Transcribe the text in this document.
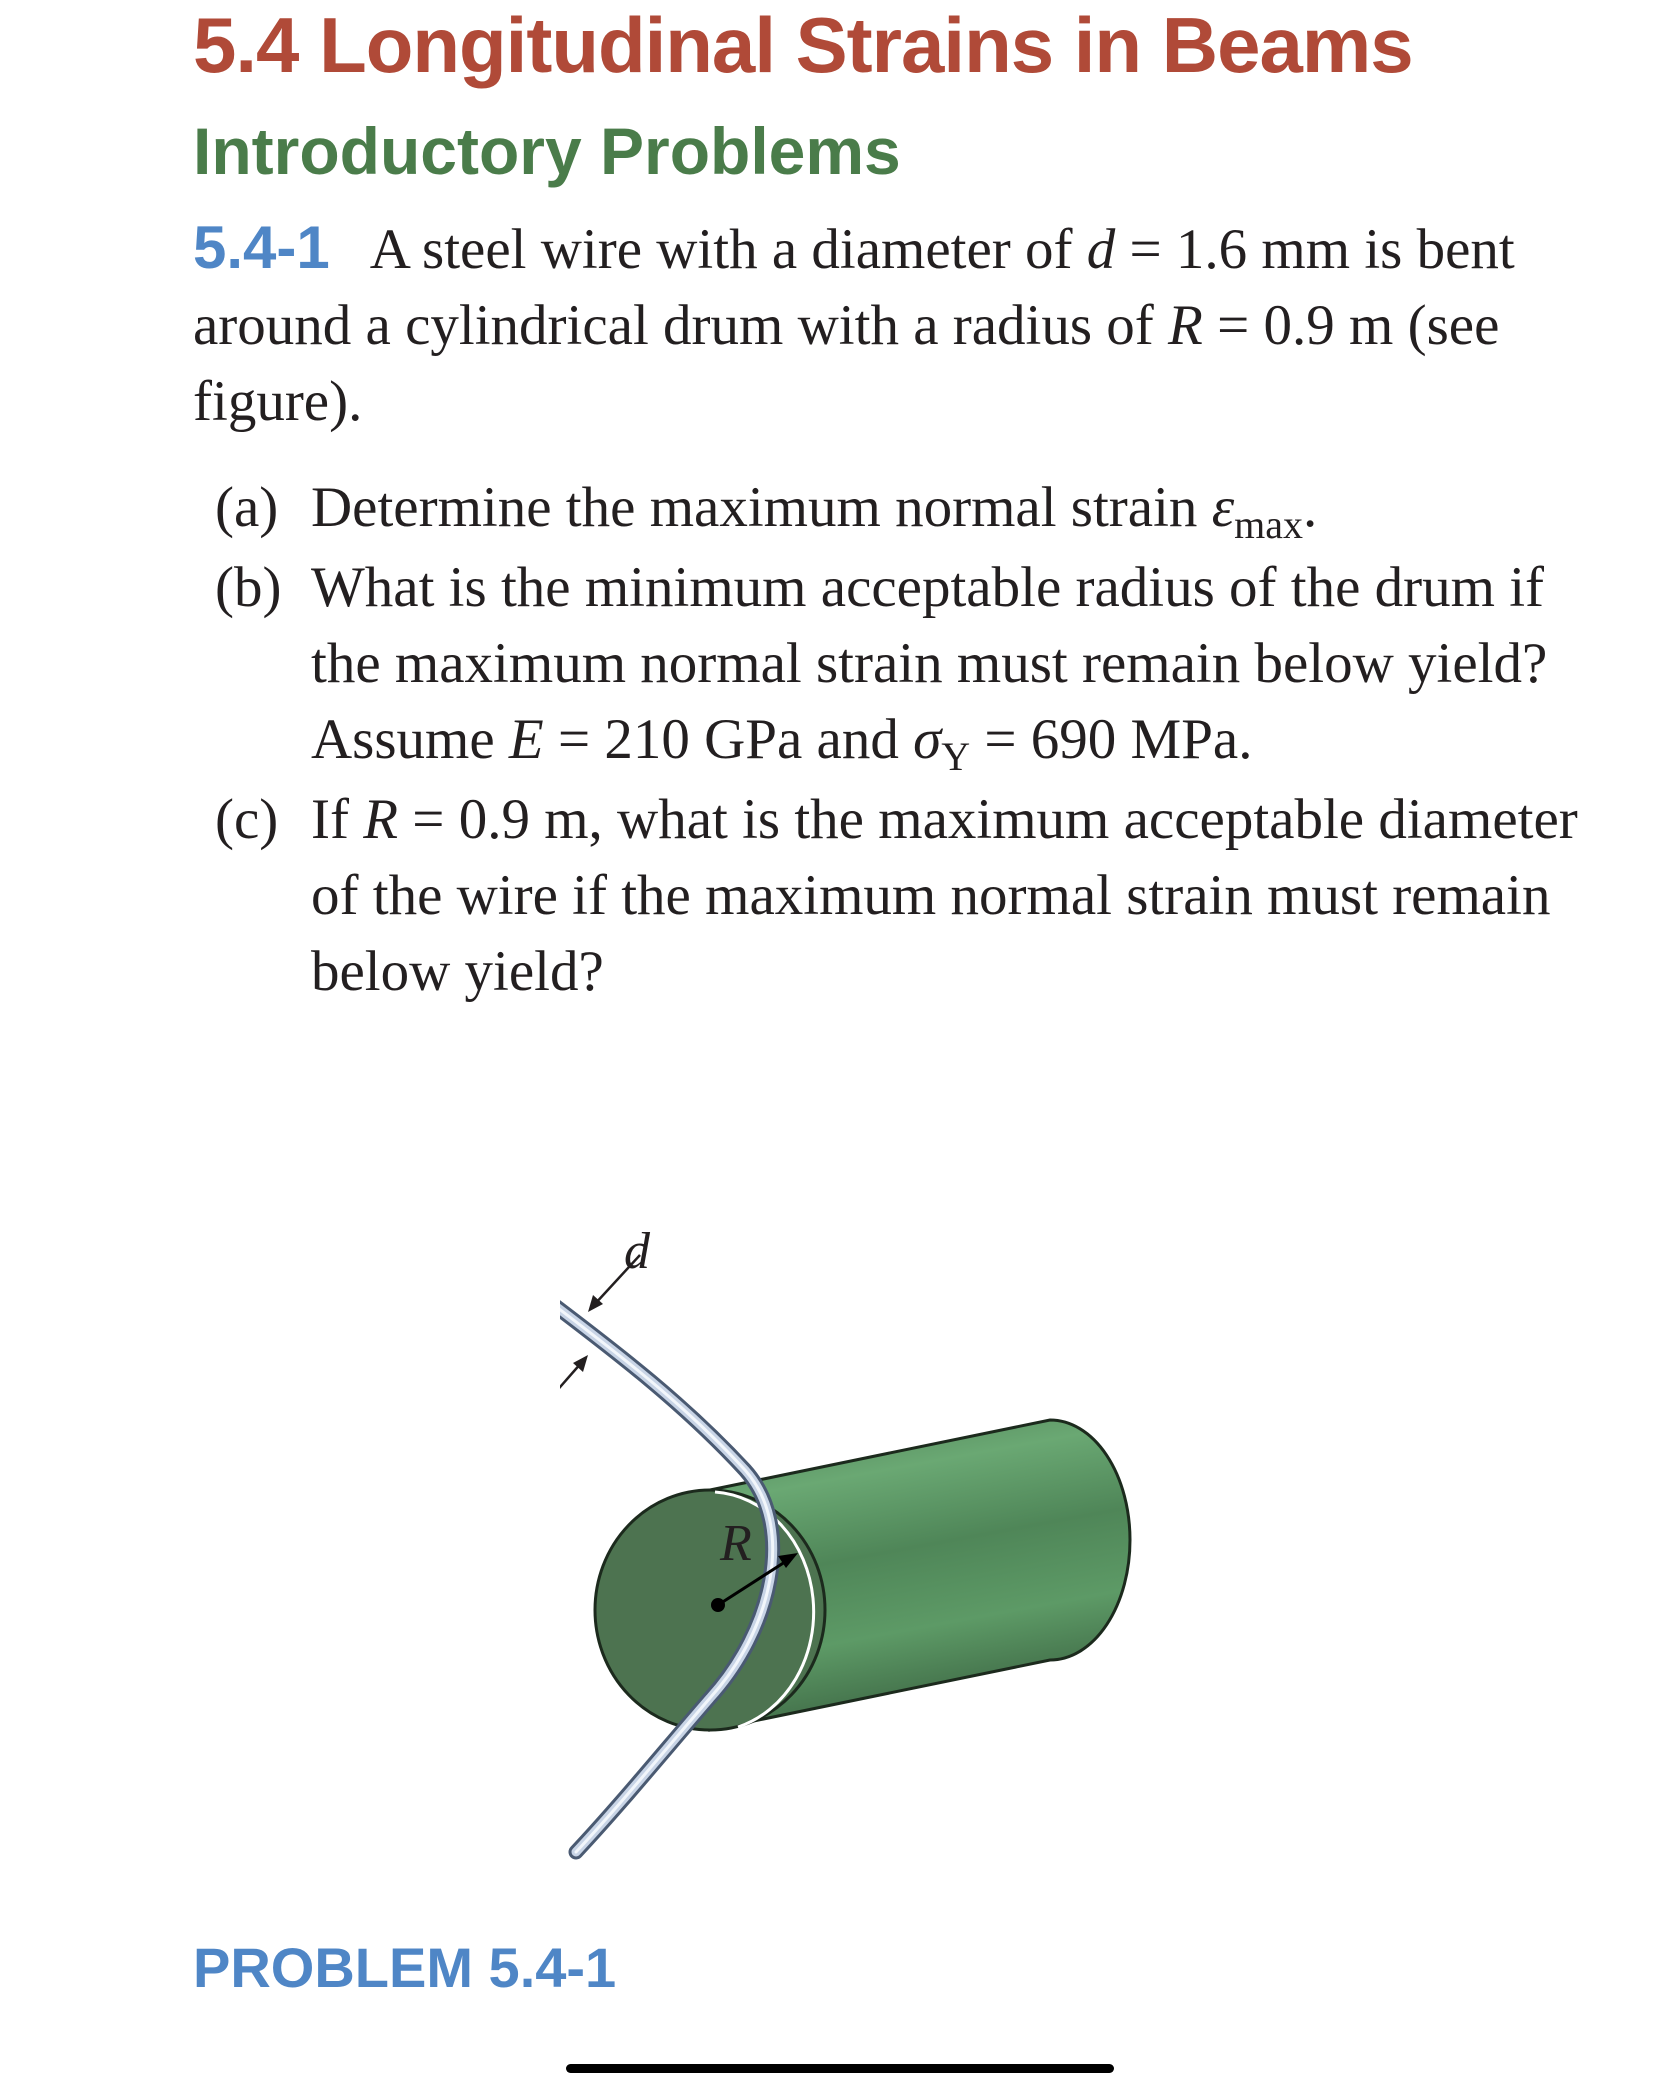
5.4 Longitudinal Strains in Beams
Introductory Problems

5.4-1 A steel wire with a diameter of d = 1.6 mm is bent around a cylindrical drum with a radius of R = 0.9 m (see figure).

(a) Determine the maximum normal strain $\varepsilon_{max}$.
(b) What is the minimum acceptable radius of the drum if the maximum normal strain must remain below yield? Assume E = 210 GPa and $\sigma_Y = 690$ MPa.
(c) If R = 0.9 m, what is the maximum acceptable diameter of the wire if the maximum normal strain must remain below yield?
d
R

PROBLEM 5.4-1
